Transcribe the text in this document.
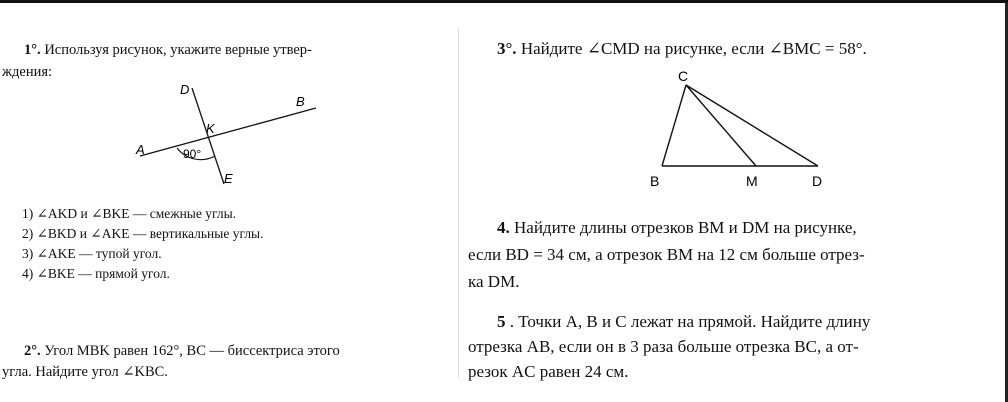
1°. Используя рисунок, укажите верные утвер-
ждения:
D
B
K
A
E
90°
1) ∠AKD и ∠BKE — смежные углы.
2) ∠BKD и ∠AKE — вертикальные углы.
3) ∠AKE — тупой угол.
4) ∠BKE — прямой угол.
2°. Угол MBK равен 162°, BC — биссектриса этого
угла. Найдите угол ∠KBC.
3°. Найдите ∠CMD на рисунке, если ∠BMC = 58°.
C
B	M	D
4. Найдите длины отрезков BM и DM на рисунке,
если BD = 34 см, а отрезок BM на 12 см больше отрез-
ка DM.
5 . Точки A, B и C лежат на прямой. Найдите длину
отрезка AB, если он в 3 раза больше отрезка BC, а от-
резок AC равен 24 см.
